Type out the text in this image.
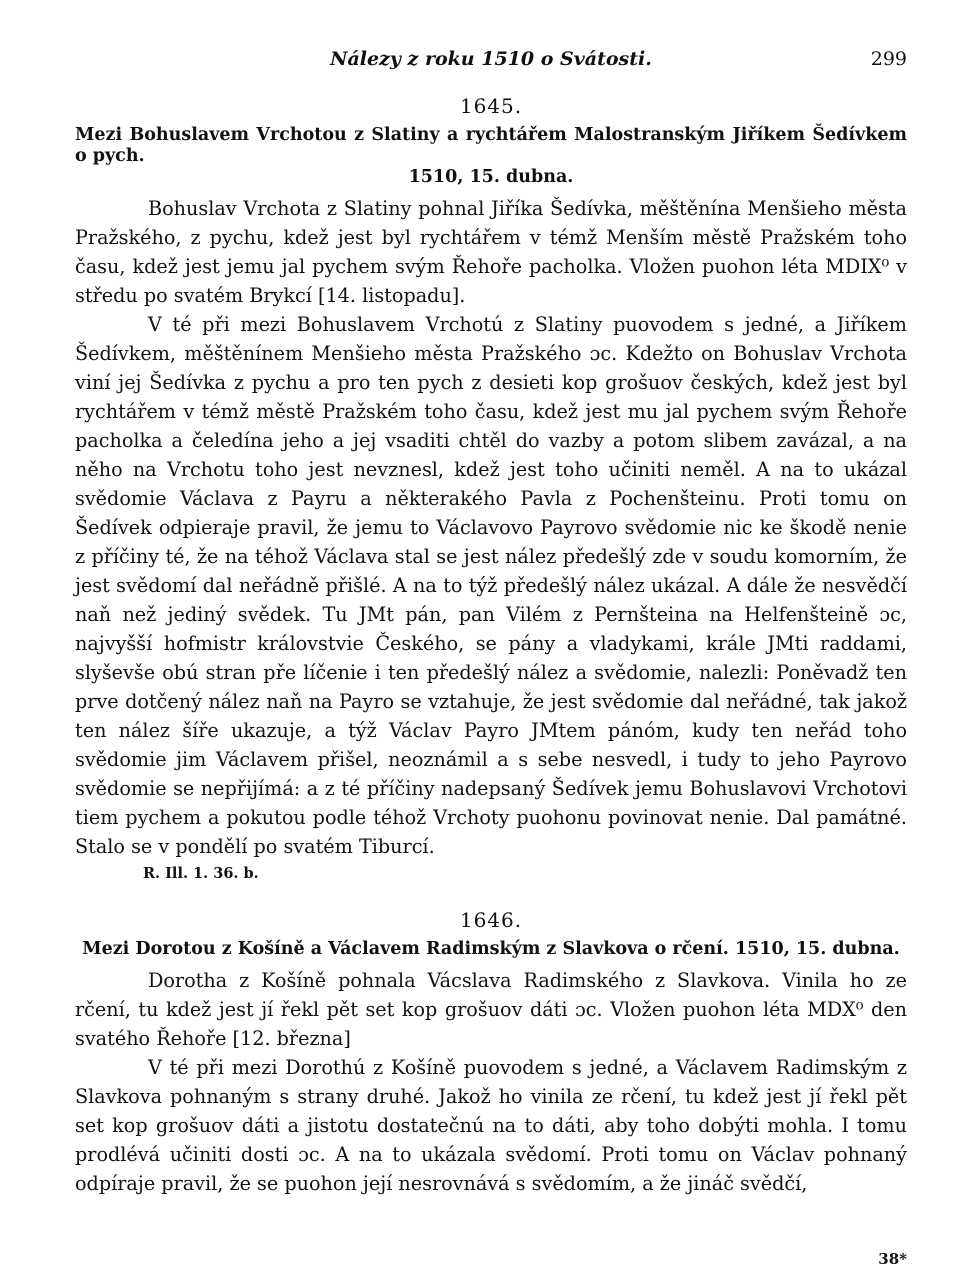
Nálezy z roku 1510 o Svátosti.	299
1645.
Mezi Bohuslavem Vrchotou z Slatiny a rychtářem Malostranským Jiříkem Šedívkem o pych.
1510, 15. dubna.

Bohuslav Vrchota z Slatiny pohnal Jiříka Šedívka, měštěnína Menšieho města Pražského, z pychu, kdež jest byl rychtářem v témž Menším městě Pražském toho času, kdež jest jemu jal pychem svým Řehoře pacholka. Vložen puohon léta MDIX⁰ v středu po svatém Brykcí [14. listopadu].

V té při mezi Bohuslavem Vrchotú z Slatiny puovodem s jedné, a Jiříkem Šedívkem, měštěnínem Menšieho města Pražského ɔc. Kdežto on Bohuslav Vrchota viní jej Šedívka z pychu a pro ten pych z desieti kop grošuov českých, kdež jest byl rychtářem v témž městě Pražském toho času, kdež jest mu jal pychem svým Řehoře pacholka a čeledína jeho a jej vsaditi chtěl do vazby a potom slibem zavázal, a na něho na Vrchotu toho jest nevznesl, kdež jest toho učiniti neměl. A na to ukázal svědomie Václava z Payru a některakého Pavla z Pochenšteinu. Proti tomu on Šedívek odpieraje pravil, že jemu to Václavovo Payrovo svědomie nic ke škodě nenie z příčiny té, že na téhož Václava stal se jest nález předešlý zde v soudu komorním, že jest svědomí dal neřádně přišlé. A na to týž předešlý nález ukázal. A dále že nesvědčí naň než jediný svědek. Tu JMt pán, pan Vilém z Pernšteina na Helfenšteině ɔc, najvyšší hofmistr královstvie Českého, se pány a vladykami, krále JMti raddami, slyševše obú stran pře líčenie i ten předešlý nález a svědomie, nalezli: Poněvadž ten prve dotčený nález naň na Payro se vztahuje, že jest svědomie dal neřádné, tak jakož ten nález šíře ukazuje, a týž Václav Payro JMtem pánóm, kudy ten neřád toho svědomie jim Václavem přišel, neoznámil a s sebe nesvedl, i tudy to jeho Payrovo svědomie se nepřijímá: a z té příčiny nadepsaný Šedívek jemu Bohuslavovi Vrchotovi tiem pychem a pokutou podle téhož Vrchoty puohonu povinovat nenie. Dal památné. Stalo se v pondělí po svatém Tiburcí.

R. Ill. 1. 36. b.
1646.
Mezi Dorotou z Košíně a Václavem Radimským z Slavkova o rčení. 1510, 15. dubna.

Dorotha z Košíně pohnala Vácslava Radimského z Slavkova. Vinila ho ze rčení, tu kdež jest jí řekl pět set kop grošuov dáti ɔc. Vložen puohon léta MDX⁰ den svatého Řehoře [12. března]

V té při mezi Dorothú z Košíně puovodem s jedné, a Václavem Radimským z Slavkova pohnaným s strany druhé. Jakož ho vinila ze rčení, tu kdež jest jí řekl pět set kop grošuov dáti a jistotu dostatečnú na to dáti, aby toho dobýti mohla. I tomu prodlévá učiniti dosti ɔc. A na to ukázala svědomí. Proti tomu on Václav pohnaný odpíraje pravil, že se puohon její nesrovnává s svědomím, a že jináč svědčí,

38*
